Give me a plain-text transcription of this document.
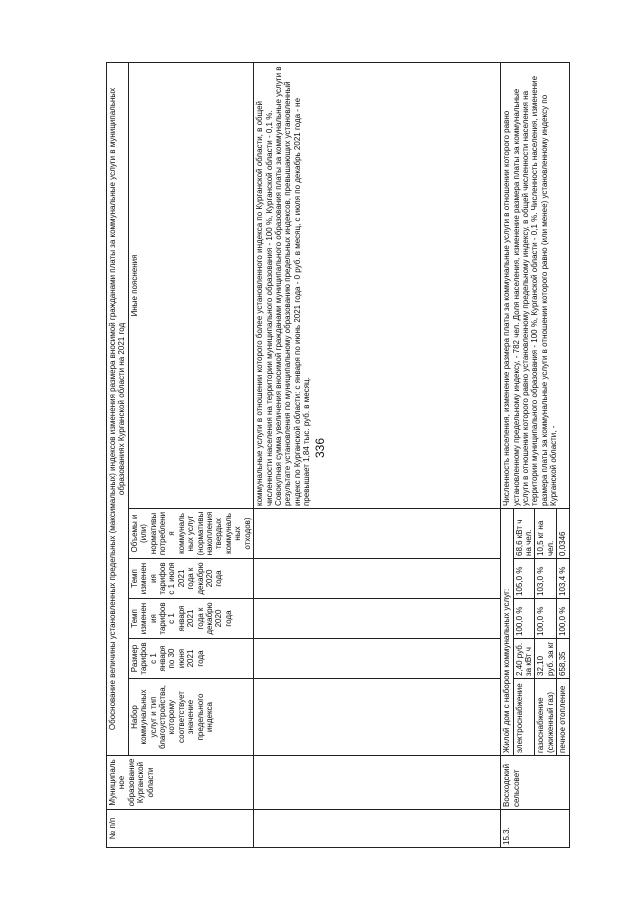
336
№ п/п	Муниципальное образование Курганской области	Обоснование величины установленных предельных (максимальных) индексов изменения размера вносимой гражданами платы за коммунальные услуги в муниципальных образованиях Курганской области на 2021 год					
		Набор коммунальных услуг и тип благоустройства, которому соответствует значение предельного индекса	Размер тарифов с 1 января по 30 июня 2021 года	Темп изменения тарифов с 1 января 2021 года к декабрю 2020 года	Темп изменения тарифов с 1 июля 2021 года к декабрю 2020 года	Объемы и (или) нормативы потребления коммунальных услуг (нормативы накопления твердых коммунальных отходов)	Иные пояснения
							коммунальные услуги в отношении которого более установленного индекса по Курганской области, в общей численности населения на территории муниципального образования - 100 %, Курганской области - 0,1 %. Совокупная сумма увеличения вносимой гражданами муниципального образования платы за коммунальные услуги в результате установления по муниципальному образованию предельных индексов, превышающих установленный индекс по Курганской области: с января по июнь 2021 года - 0 руб. в месяц, с июля по декабрь 2021 года - не превышает 1,84 тыс. руб. в месяц.
15.3.	Восходский сельсовет	Жилой дом с набором коммунальных услуг:					Численность населения, изменение размера платы за коммунальные услуги в отношении которого равно установленному предельному индексу, - 782 чел. Доля населения, изменение размера платы за коммунальные услуги в отношении которого равно установленному предельному индексу, в общей численности населения на территории муниципального образования - 100 %, Курганской области - 0,1 %. Численность населения, изменение размера платы за коммунальные услуги в отношении которого равно (или менее) установленному индексу по Курганской области, -
		электроснабжение	2,40 руб. за кВт ч	100,0 %	105,0 %	68,6 кВт ч на чел.	
		газоснабжение (сжиженный газ)	32,10 руб. за кг	100,0 %	103,0 %	10,5 кг на чел.	
		печное отопление	658,35	100,0 %	103,4 %	0,0346	
